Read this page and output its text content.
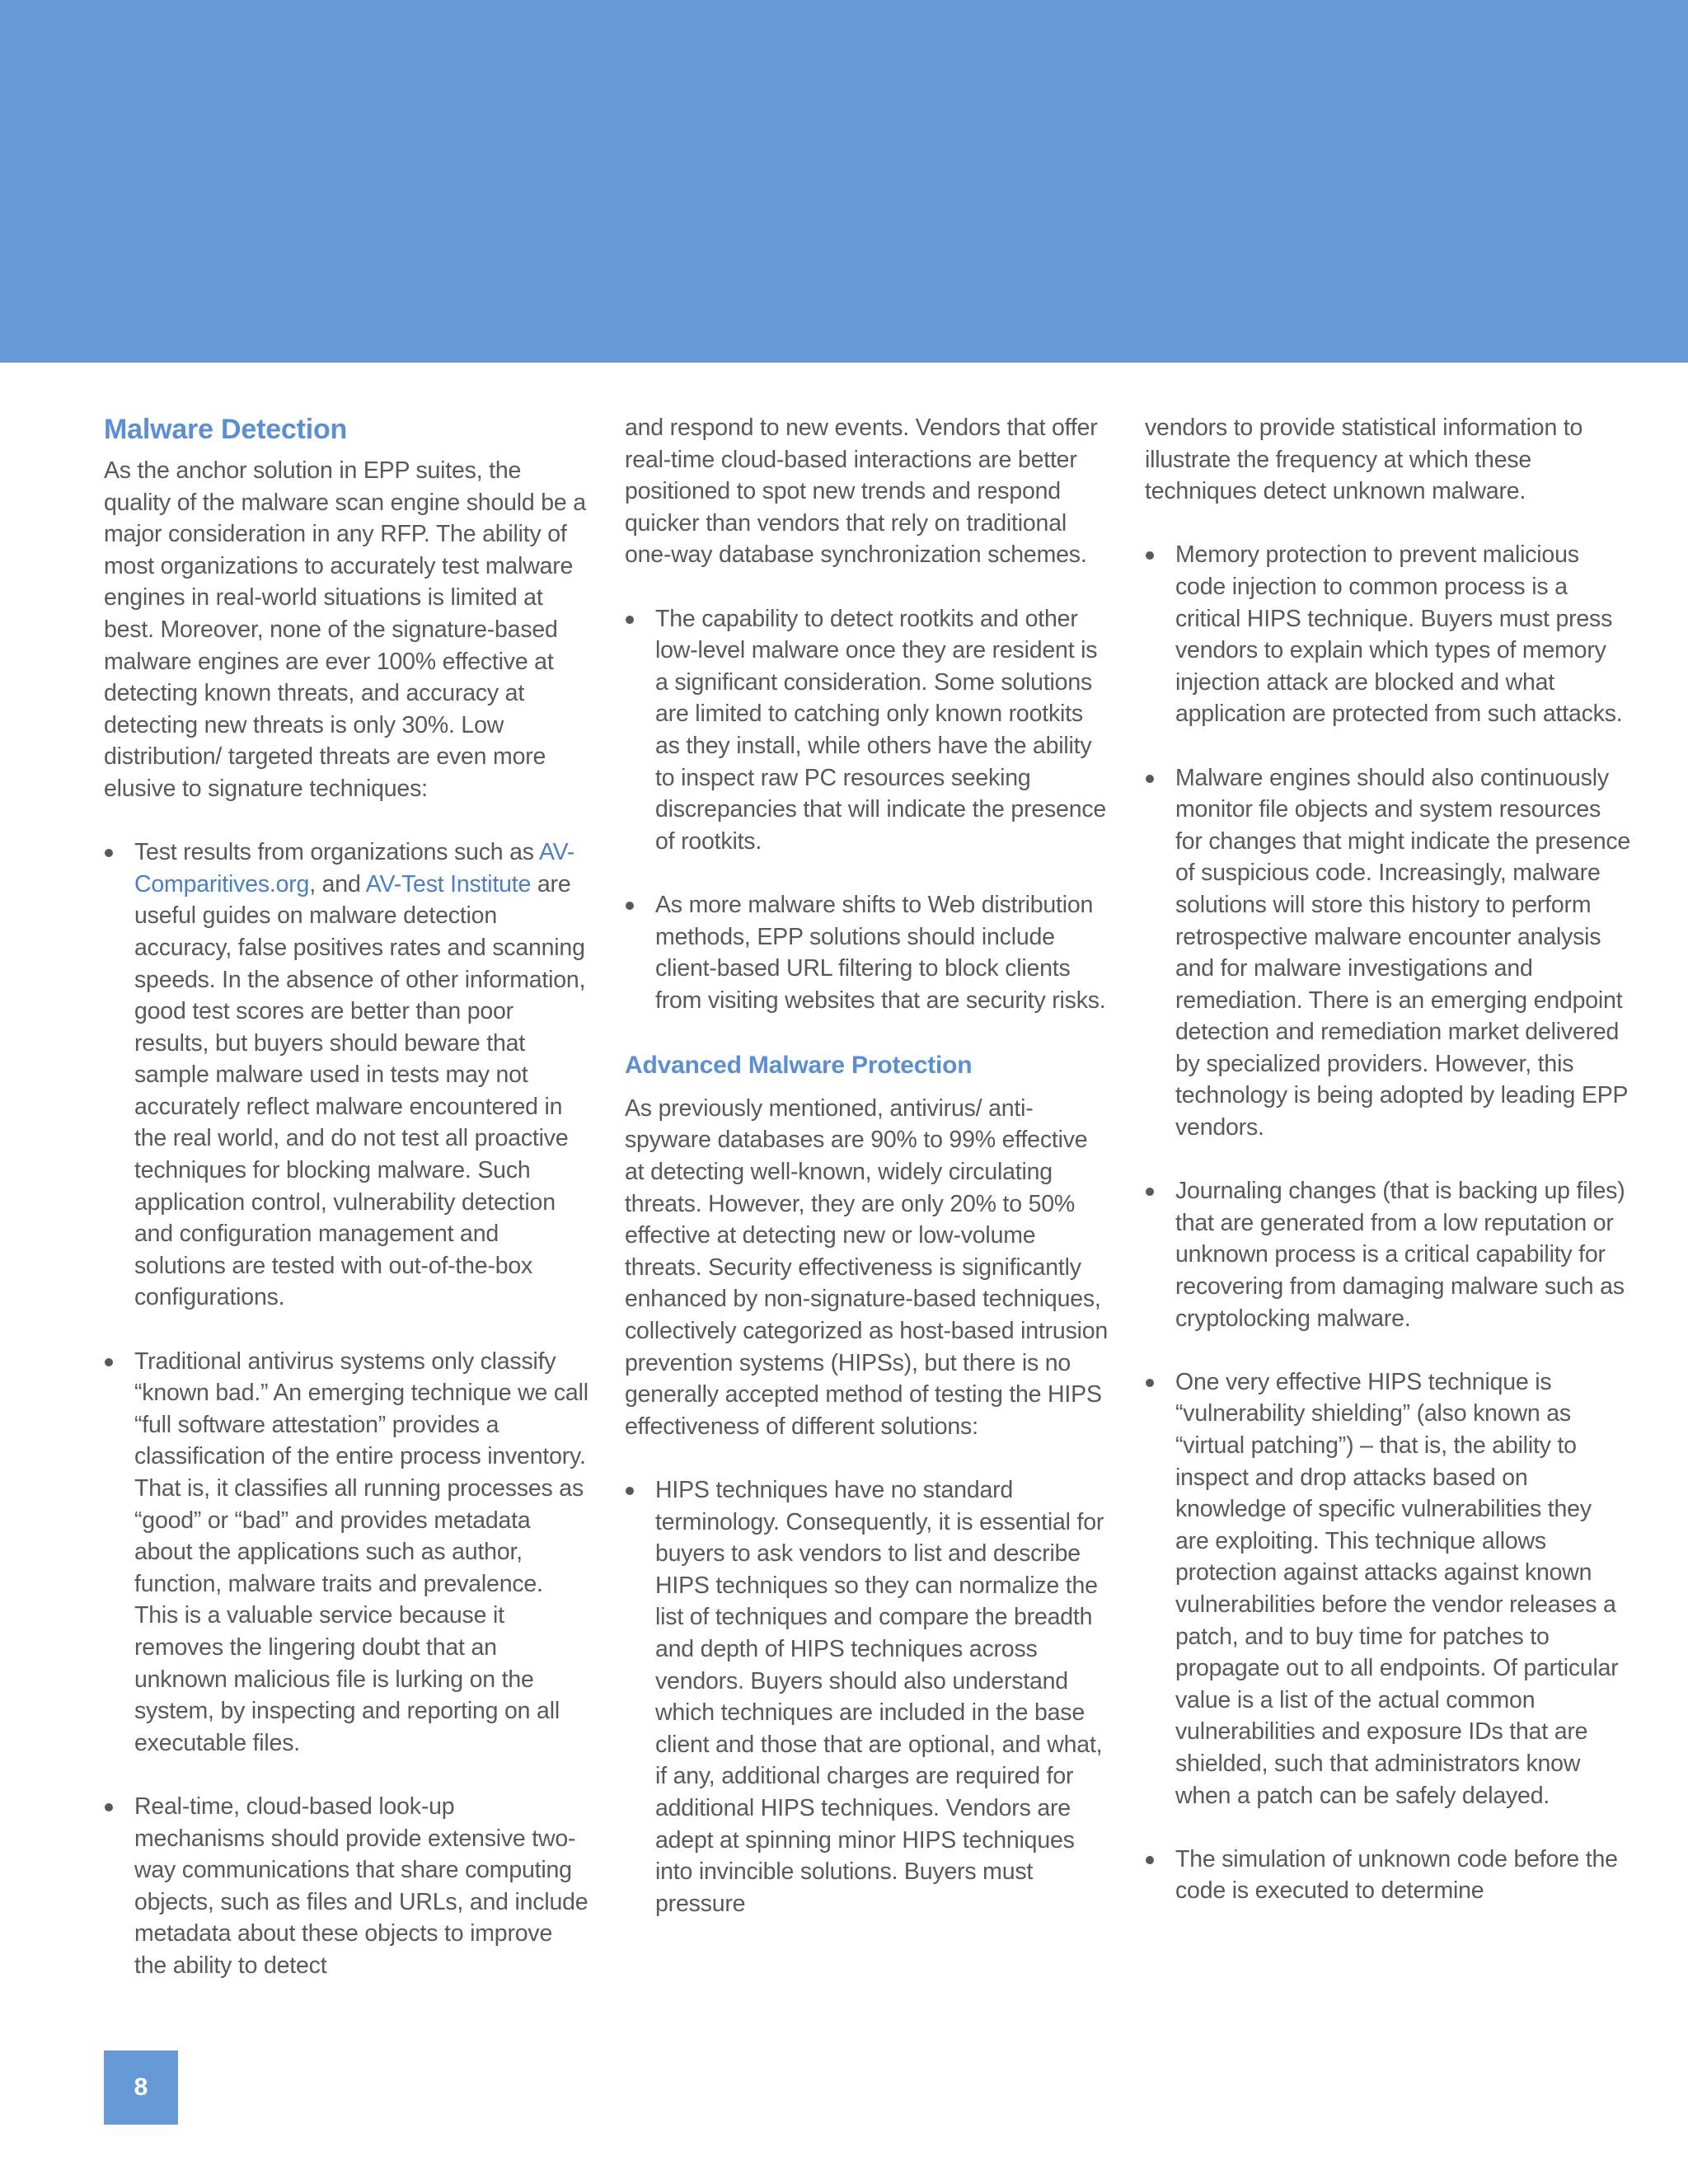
Malware Detection

As the anchor solution in EPP suites, the quality of the malware scan engine should be a major consideration in any RFP. The ability of most organizations to accurately test malware engines in real-world situations is limited at best. Moreover, none of the signature-based malware engines are ever 100% effective at detecting known threats, and accuracy at detecting new threats is only 30%. Low distribution/ targeted threats are even more elusive to signature techniques:

Test results from organizations such as AV-Comparitives.org, and AV-Test Institute are useful guides on malware detection accuracy, false positives rates and scanning speeds. In the absence of other information, good test scores are better than poor results, but buyers should beware that sample malware used in tests may not accurately reflect malware encountered in the real world, and do not test all proactive techniques for blocking malware. Such application control, vulnerability detection and configuration management and solutions are tested with out-of-the-box configurations.
Traditional antivirus systems only classify “known bad.” An emerging technique we call “full software attestation” provides a classification of the entire process inventory. That is, it classifies all running processes as “good” or “bad” and provides metadata about the applications such as author, function, malware traits and prevalence. This is a valuable service because it removes the lingering doubt that an unknown malicious file is lurking on the system, by inspecting and reporting on all executable files.
Real-time, cloud-based look-up mechanisms should provide extensive two-way communications that share computing objects, such as files and URLs, and include metadata about these objects to improve the ability to detect

and respond to new events. Vendors that offer real-time cloud-based interactions are better positioned to spot new trends and respond quicker than vendors that rely on traditional one-way database synchronization schemes.

The capability to detect rootkits and other low-level malware once they are resident is a significant consideration. Some solutions are limited to catching only known rootkits as they install, while others have the ability to inspect raw PC resources seeking discrepancies that will indicate the presence of rootkits.
As more malware shifts to Web distribution methods, EPP solutions should include client-based URL filtering to block clients from visiting websites that are security risks.
Advanced Malware Protection

As previously mentioned, antivirus/ anti-spyware databases are 90% to 99% effective at detecting well-known, widely circulating threats. However, they are only 20% to 50% effective at detecting new or low-volume threats. Security effectiveness is significantly enhanced by non-signature-based techniques, collectively categorized as host-based intrusion prevention systems (HIPSs), but there is no generally accepted method of testing the HIPS effectiveness of different solutions:

HIPS techniques have no standard terminology. Consequently, it is essential for buyers to ask vendors to list and describe HIPS techniques so they can normalize the list of techniques and compare the breadth and depth of HIPS techniques across vendors. Buyers should also understand which techniques are included in the base client and those that are optional, and what, if any, additional charges are required for additional HIPS techniques. Vendors are adept at spinning minor HIPS techniques into invincible solutions. Buyers must pressure

vendors to provide statistical information to illustrate the frequency at which these techniques detect unknown malware.

Memory protection to prevent malicious code injection to common process is a critical HIPS technique. Buyers must press vendors to explain which types of memory injection attack are blocked and what application are protected from such attacks.
Malware engines should also continuously monitor file objects and system resources for changes that might indicate the presence of suspicious code. Increasingly, malware solutions will store this history to perform retrospective malware encounter analysis and for malware investigations and remediation. There is an emerging endpoint detection and remediation market delivered by specialized providers. However, this technology is being adopted by leading EPP vendors.
Journaling changes (that is backing up files) that are generated from a low reputation or unknown process is a critical capability for recovering from damaging malware such as cryptolocking malware.
One very effective HIPS technique is “vulnerability shielding” (also known as “virtual patching”) – that is, the ability to inspect and drop attacks based on knowledge of specific vulnerabilities they are exploiting. This technique allows protection against attacks against known vulnerabilities before the vendor releases a patch, and to buy time for patches to propagate out to all endpoints. Of particular value is a list of the actual common vulnerabilities and exposure IDs that are shielded, such that administrators know when a patch can be safely delayed.
The simulation of unknown code before the code is executed to determine
8
